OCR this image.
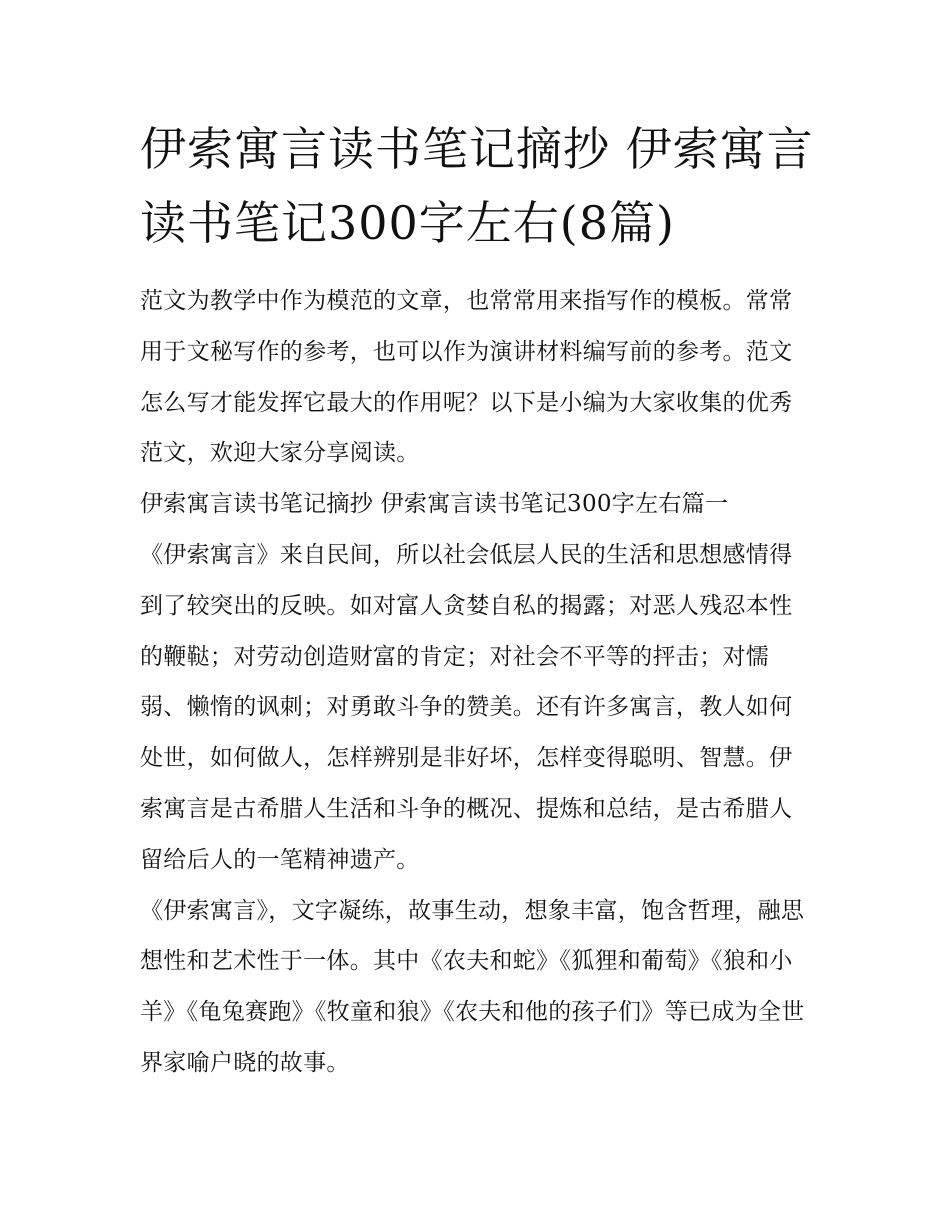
伊索寓言读书笔记摘抄 伊索寓言读书笔记300字左右(8篇)

范文为教学中作为模范的文章，也常常用来指写作的模板。常常用于文秘写作的参考，也可以作为演讲材料编写前的参考。范文怎么写才能发挥它最大的作用呢？以下是小编为大家收集的优秀范文，欢迎大家分享阅读。

伊索寓言读书笔记摘抄 伊索寓言读书笔记300字左右篇一

《伊索寓言》来自民间，所以社会低层人民的生活和思想感情得到了较突出的反映。如对富人贪婪自私的揭露；对恶人残忍本性的鞭鞑；对劳动创造财富的肯定；对社会不平等的抨击；对懦弱、懒惰的讽刺；对勇敢斗争的赞美。还有许多寓言，教人如何处世，如何做人，怎样辨别是非好坏，怎样变得聪明、智慧。伊索寓言是古希腊人生活和斗争的概况、提炼和总结，是古希腊人留给后人的一笔精神遗产。

《伊索寓言》，文字凝练，故事生动，想象丰富，饱含哲理，融思想性和艺术性于一体。其中《农夫和蛇》《狐狸和葡萄》《狼和小羊》《龟兔赛跑》《牧童和狼》《农夫和他的孩子们》等已成为全世界家喻户晓的故事。
